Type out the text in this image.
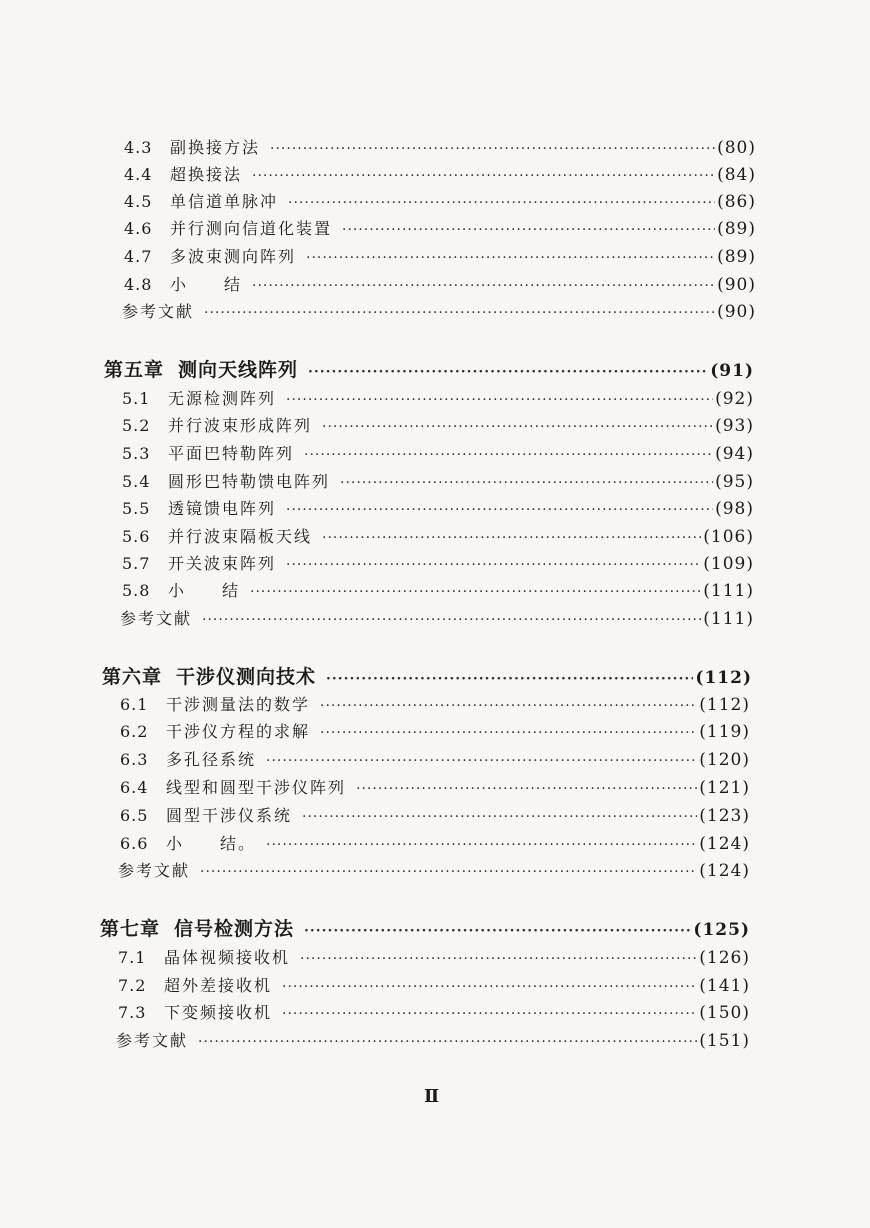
4.3	副换接方法 ·····	(80)
4.4	超换接法 ·····	(84)
4.5	单信道单脉冲 ·····	(86)
4.6	并行测向信道化装置 ·····	(89)
4.7	多波束测向阵列 ·····	(89)
4.8	小　　结 ·····	(90)
参考文献 ·····	(90)
第五章 测向天线阵列 ·····	(91)
5.1	无源检测阵列 ·····	(92)
5.2	并行波束形成阵列 ·····	(93)
5.3	平面巴特勒阵列 ·····	(94)
5.4	圆形巴特勒馈电阵列 ·····	(95)
5.5	透镜馈电阵列 ·····	(98)
5.6	并行波束隔板天线 ·····	(106)
5.7	开关波束阵列 ·····	(109)
5.8	小　　结 ·····	(111)
参考文献 ·····	(111)
第六章 干涉仪测向技术 ·····	(112)
6.1	干涉测量法的数学 ·····	(112)
6.2	干涉仪方程的求解 ·····	(119)
6.3	多孔径系统 ·····	(120)
6.4	线型和圆型干涉仪阵列 ·····	(121)
6.5	圆型干涉仪系统 ·····	(123)
6.6	小　　结。 ·····	(124)
参考文献 ·····	(124)
第七章 信号检测方法 ·····	(125)
7.1	晶体视频接收机 ·····	(126)
7.2	超外差接收机 ·····	(141)
7.3	下变频接收机 ·····	(150)
参考文献 ·····	(151)
Ⅱ
